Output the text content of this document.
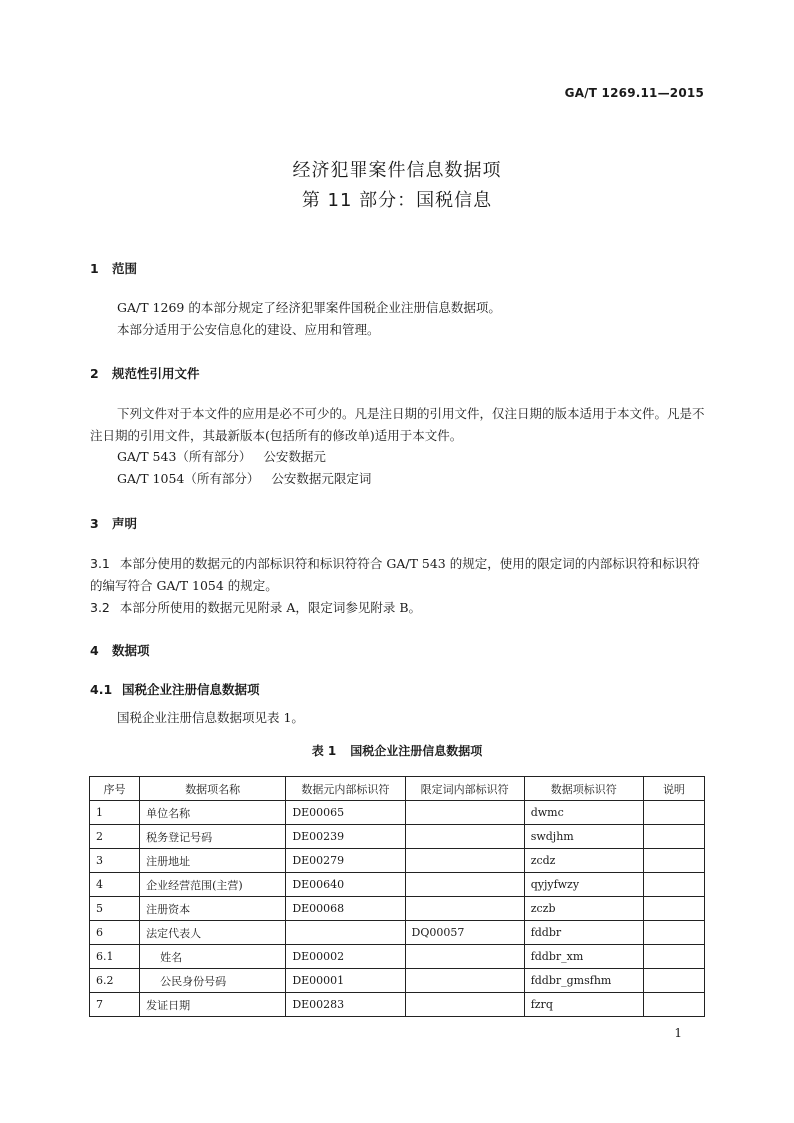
GA/T 1269.11—2015
经济犯罪案件信息数据项
第 11 部分：国税信息
1 范围
GA/T 1269 的本部分规定了经济犯罪案件国税企业注册信息数据项。
本部分适用于公安信息化的建设、应用和管理。
2 规范性引用文件
下列文件对于本文件的应用是必不可少的。凡是注日期的引用文件，仅注日期的版本适用于本文件。凡是不注日期的引用文件，其最新版本(包括所有的修改单)适用于本文件。
GA/T 543（所有部分） 公安数据元
GA/T 1054（所有部分） 公安数据元限定词
3 声明
3.1 本部分使用的数据元的内部标识符和标识符符合 GA/T 543 的规定，使用的限定词的内部标识符和标识符的编写符合 GA/T 1054 的规定。
3.2 本部分所使用的数据元见附录 A，限定词参见附录 B。
4 数据项
4.1 国税企业注册信息数据项
国税企业注册信息数据项见表 1。
表 1 国税企业注册信息数据项
序号	数据项名称	数据元内部标识符	限定词内部标识符	数据项标识符	说明
1	单位名称	DE00065		dwmc	
2	税务登记号码	DE00239		swdjhm	
3	注册地址	DE00279		zcdz	
4	企业经营范围(主营)	DE00640		qyjyfwzy	
5	注册资本	DE00068		zczb	
6	法定代表人		DQ00057	fddbr	
6.1	姓名	DE00002		fddbr_xm	
6.2	公民身份号码	DE00001		fddbr_gmsfhm	
7	发证日期	DE00283		fzrq	
1
